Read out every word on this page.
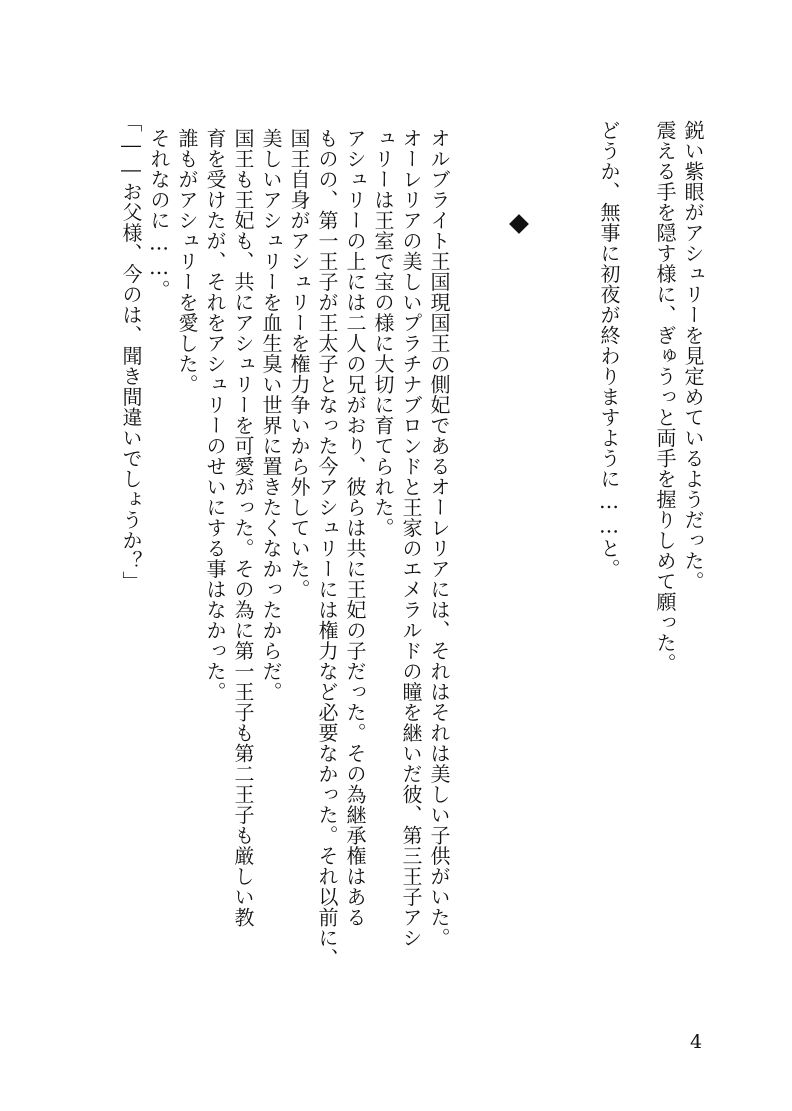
鋭い紫眼がアシュリーを見定めているようだった。
震える手を隠す様に、ぎゅうっと両手を握りしめて願った。
どうか、無事に初夜が終わりますように……と。
オルブライト王国現国王の側妃であるオーレリアには、それはそれは美しい子供がいた。
オーレリアの美しいプラチナブロンドと王家のエメラルドの瞳を継いだ彼、第三王子アシ
ュリーは王室で宝の様に大切に育てられた。
アシュリーの上には二人の兄がおり、彼らは共に王妃の子だった。その為継承権はある
ものの、第一王子が王太子となった今アシュリーには権力など必要なかった。それ以前に、
国王自身がアシュリーを権力争いから外していた。
美しいアシュリーを血生臭い世界に置きたくなかったからだ。
国王も王妃も、共にアシュリーを可愛がった。その為に第一王子も第二王子も厳しい教
育を受けたが、それをアシュリーのせいにする事はなかった。
誰もがアシュリーを愛した。
それなのに……。
「――お父様、今のは、聞き間違いでしょうか？」
4
